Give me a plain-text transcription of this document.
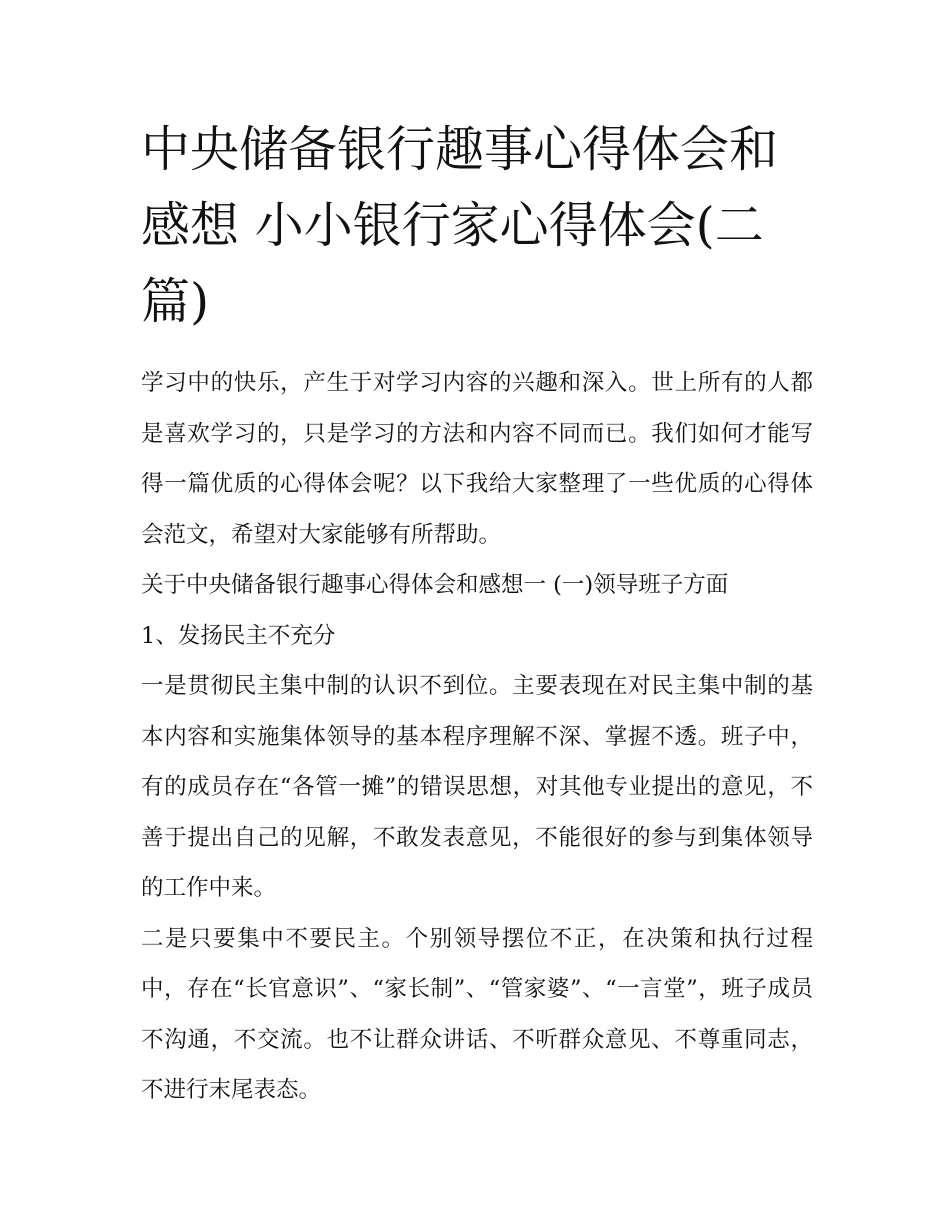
中央储备银行趣事心得体会和感想 小小银行家心得体会(二篇)

学习中的快乐，产生于对学习内容的兴趣和深入。世上所有的人都是喜欢学习的，只是学习的方法和内容不同而已。我们如何才能写得一篇优质的心得体会呢？以下我给大家整理了一些优质的心得体会范文，希望对大家能够有所帮助。

关于中央储备银行趣事心得体会和感想一 (一)领导班子方面

1、发扬民主不充分

一是贯彻民主集中制的认识不到位。主要表现在对民主集中制的基本内容和实施集体领导的基本程序理解不深、掌握不透。班子中，有的成员存在“各管一摊”的错误思想，对其他专业提出的意见，不善于提出自己的见解，不敢发表意见，不能很好的参与到集体领导的工作中来。

二是只要集中不要民主。个别领导摆位不正，在决策和执行过程中，存在“长官意识”、“家长制”、“管家婆”、“一言堂”，班子成员不沟通，不交流。也不让群众讲话、不听群众意见、不尊重同志，不进行末尾表态。
